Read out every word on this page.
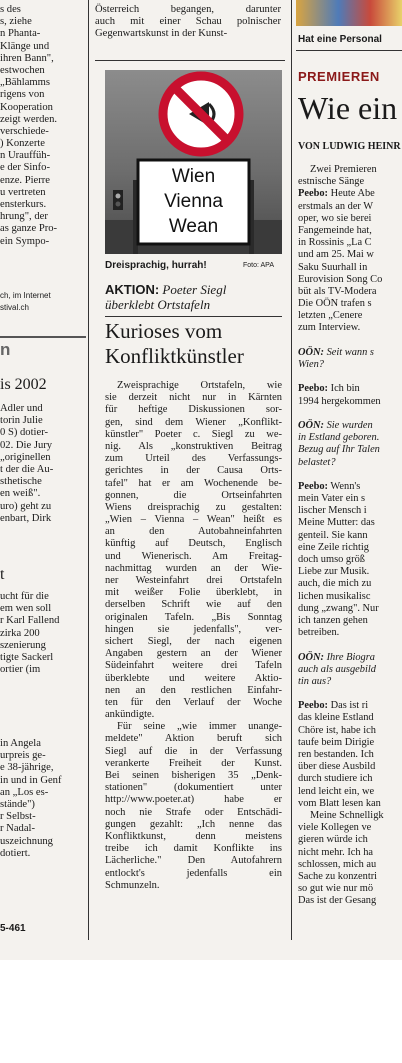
s des
s, ziehe
n Phanta-
Klänge und
ihren Bann",
estwochen
„Bählamms
rigens von
Kooperation
zeigt werden.
verschiede-
) Konzerte
n Urauffüh-
e der Sinfo-
enze. Pierre
u vertreten
ensterkurs.
hrung", der
as ganze Pro-
ein Sympo-
ch, im Internet
stival.ch
n
is 2002
Adler und
torin Julie
0 S) dotier-
02. Die Jury
„originellen
t der die Au-
sthetische
en weiß".
uro) geht zu
enbart, Dirk
t
ucht für die
em wen soll
r Karl Fallend
zirka 200
szenierung
tigte Sackerl
ortier (im
in Angela
urpreis ge-
e 38-jährige,
in und in Genf
an „Los es-
stände")
r Selbst-
r Nadal-
uszeichnung
dotiert.
5-461
Österreich begangen, darunter
auch mit einer Schau polnischer
Gegenwartskunst in der Kunst-
Wien
Vienna
Wean
Dreisprachig, hurrah!	Foto: APA
AKTION: Poeter Siegl
überklebt Ortstafeln
Kurioses vom
Konfliktkünstler
Zweisprachige Ortstafeln, wie
sie derzeit nicht nur in Kärnten
für heftige Diskussionen sor-
gen, sind dem Wiener „Konflikt-
künstler" Poeter c. Siegl zu we-
nig. Als „konstruktiven Beitrag
zum Urteil des Verfassungs-
gerichtes in der Causa Orts-
tafel" hat er am Wochenende be-
gonnen, die Ortseinfahrten
Wiens dreisprachig zu gestalten:
„Wien – Vienna – Wean" heißt es
an den Autobahneinfahrten
künftig auf Deutsch, Englisch
und Wienerisch. Am Freitag-
nachmittag wurden an der Wie-
ner Westeinfahrt drei Ortstafeln
mit weißer Folie überklebt, in
derselben Schrift wie auf den
originalen Tafeln. „Bis Sonntag
hingen sie jedenfalls", ver-
sichert Siegl, der nach eigenen
Angaben gestern an der Wiener
Südeinfahrt weitere drei Tafeln
überklebte und weitere Aktio-
nen an den restlichen Einfahr-
ten für den Verlauf der Woche
ankündigte.
Für seine „wie immer unange-
meldete" Aktion beruft sich
Siegl auf die in der Verfassung
verankerte Freiheit der Kunst.
Bei seinen bisherigen 35 „Denk-
stationen" (dokumentiert unter
http://www.poeter.at) habe er
noch nie Strafe oder Entschädi-
gungen gezahlt: „Ich nenne das
Konfliktkunst, denn meistens
treibe ich damit Konflikte ins
Lächerliche." Den Autofahrern
entlockt's jedenfalls ein
Schmunzeln.
Hat eine Personal
PREMIEREN
Wie ein
VON LUDWIG HEINR
Zwei Premieren
estnische Sänge
Peebo: Heute Abe
erstmals an der W
oper, wo sie berei
Fangemeinde hat,
in Rossinis „La C
und am 25. Mai w
Saku Suurhall in
Eurovision Song Co
büt als TV-Modera
Die OÖN trafen s
letzten „Cenere
zum Interview.
OÖN: Seit wann s
Wien?
Peebo: Ich bin
1994 hergekommen
OÖN: Sie wurden
in Estland geboren.
Bezug auf Ihr Talen
belastet?
Peebo: Wenn's
mein Vater ein s
lischer Mensch i
Meine Mutter: das
genteil. Sie kann
eine Zeile richtig
doch umso größ
Liebe zur Musik.
auch, die mich zu
lichen musikalisc
dung „zwang". Nur
ich tanzen gehen
betreiben.
OÖN: Ihre Biogra
auch als ausgebild
tin aus?
Peebo: Das ist ri
das kleine Estland
Chöre ist, habe ich
taufe beim Dirigie
ren bestanden. Ich
über diese Ausbild
durch studiere ich
lend leicht ein, we
vom Blatt lesen kan
Meine Schnelligk
viele Kollegen ve
gieren würde ich
nicht mehr. Ich ha
schlossen, mich au
Sache zu konzentri
so gut wie nur mö
Das ist der Gesang
